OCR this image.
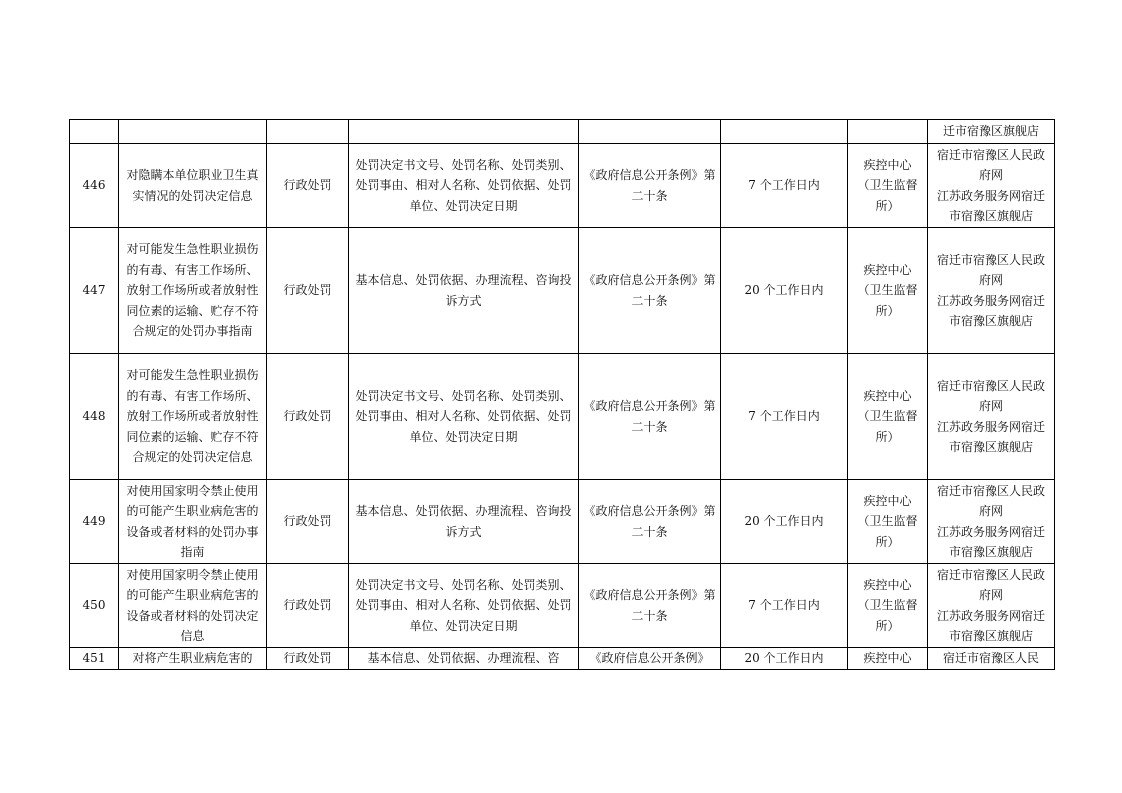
							迁市宿豫区旗舰店
446	对隐瞒本单位职业卫生真实情况的处罚决定信息	行政处罚	处罚决定书文号、处罚名称、处罚类别、处罚事由、相对人名称、处罚依据、处罚单位、处罚决定日期	《政府信息公开条例》第二十条	7 个工作日内	疾控中心（卫生监督所）	宿迁市宿豫区人民政府网
江苏政务服务网宿迁市宿豫区旗舰店
447	对可能发生急性职业损伤的有毒、有害工作场所、放射工作场所或者放射性同位素的运输、贮存不符合规定的处罚办事指南	行政处罚	基本信息、处罚依据、办理流程、咨询投诉方式	《政府信息公开条例》第二十条	20 个工作日内	疾控中心（卫生监督所）	宿迁市宿豫区人民政府网
江苏政务服务网宿迁市宿豫区旗舰店
448	对可能发生急性职业损伤的有毒、有害工作场所、放射工作场所或者放射性同位素的运输、贮存不符合规定的处罚决定信息	行政处罚	处罚决定书文号、处罚名称、处罚类别、处罚事由、相对人名称、处罚依据、处罚单位、处罚决定日期	《政府信息公开条例》第二十条	7 个工作日内	疾控中心（卫生监督所）	宿迁市宿豫区人民政府网
江苏政务服务网宿迁市宿豫区旗舰店
449	对使用国家明令禁止使用的可能产生职业病危害的设备或者材料的处罚办事指南	行政处罚	基本信息、处罚依据、办理流程、咨询投诉方式	《政府信息公开条例》第二十条	20 个工作日内	疾控中心（卫生监督所）	宿迁市宿豫区人民政府网
江苏政务服务网宿迁市宿豫区旗舰店
450	对使用国家明令禁止使用的可能产生职业病危害的设备或者材料的处罚决定信息	行政处罚	处罚决定书文号、处罚名称、处罚类别、处罚事由、相对人名称、处罚依据、处罚单位、处罚决定日期	《政府信息公开条例》第二十条	7 个工作日内	疾控中心（卫生监督所）	宿迁市宿豫区人民政府网
江苏政务服务网宿迁市宿豫区旗舰店
451	对将产生职业病危害的	行政处罚	基本信息、处罚依据、办理流程、咨	《政府信息公开条例》	20 个工作日内	疾控中心	宿迁市宿豫区人民
